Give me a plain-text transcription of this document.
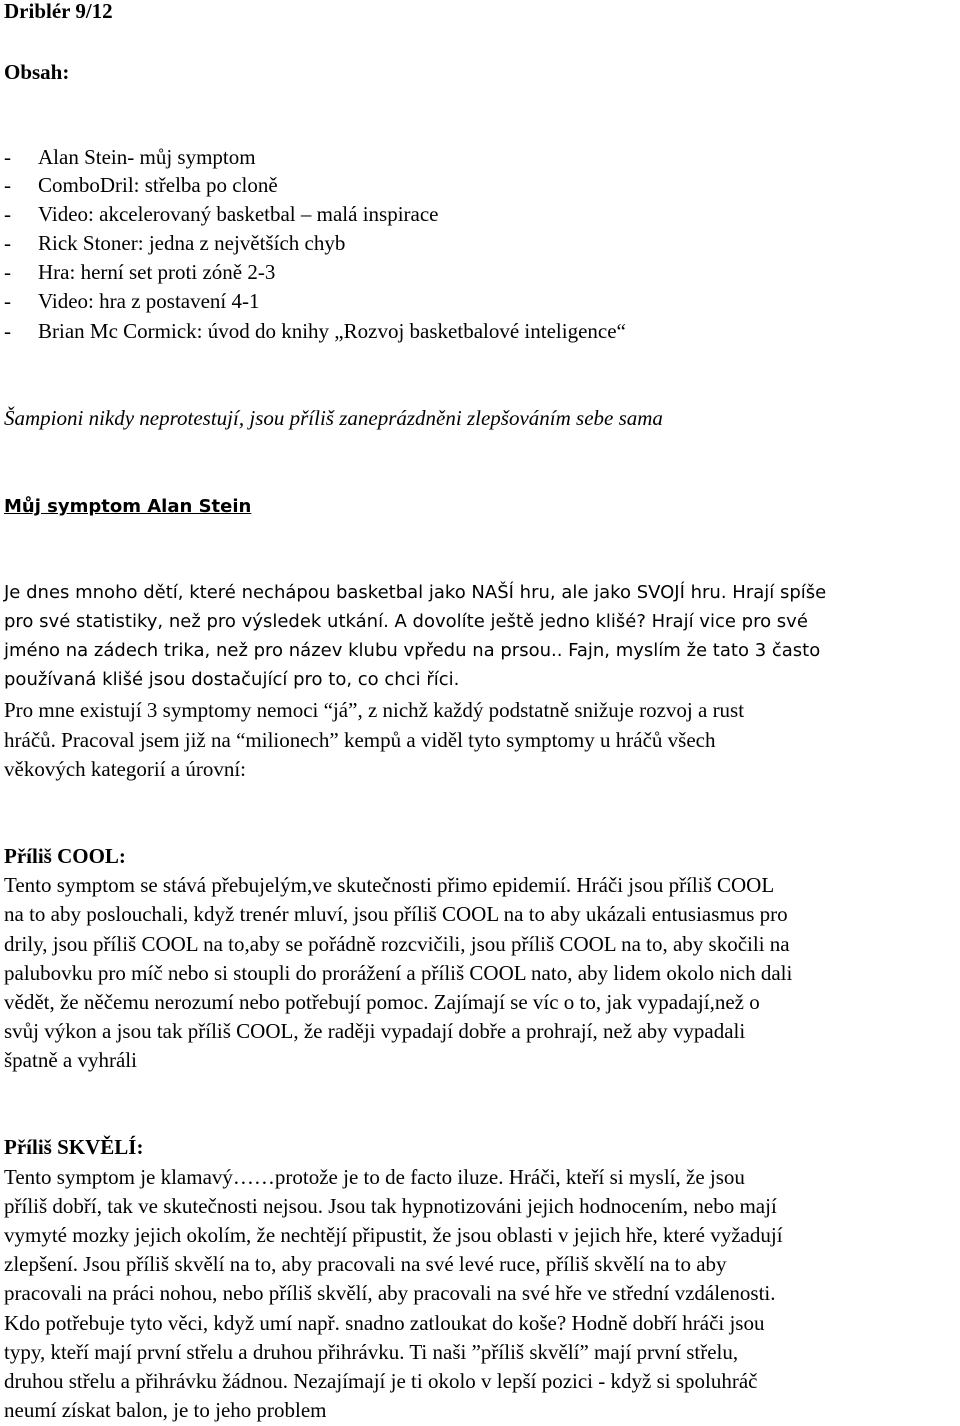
Driblér 9/12
Obsah:
- Alan Stein- můj symptom
- ComboDril: střelba po cloně
- Video: akcelerovaný basketbal – malá inspirace
- Rick Stoner: jedna z největších chyb
- Hra: herní set proti zóně 2-3
- Video: hra z postavení 4-1
- Brian Mc Cormick: úvod do knihy „Rozvoj basketbalové inteligence“
Šampioni nikdy neprotestují, jsou příliš zaneprázdněni zlepšováním sebe sama
Můj symptom Alan Stein
Je dnes mnoho dětí, které nechápou basketbal jako NAŠÍ hru, ale jako SVOJÍ hru. Hrají spíše
pro své statistiky, než pro výsledek utkání. A dovolíte ještě jedno klišé? Hrají vice pro své
jméno na zádech trika, než pro název klubu vpředu na prsou.. Fajn, myslím že tato 3 často
používaná klišé jsou dostačující pro to, co chci říci.
Pro mne existují 3 symptomy nemoci “já”, z nichž každý podstatně snižuje rozvoj a rust
hráčů. Pracoval jsem již na “milionech” kempů a viděl tyto symptomy u hráčů všech
věkových kategorií a úrovní:
Příliš COOL:
Tento symptom se stává přebujelým,ve skutečnosti přimo epidemií. Hráči jsou příliš COOL
na to aby poslouchali, když trenér mluví, jsou příliš COOL na to aby ukázali entusiasmus pro
drily, jsou příliš COOL na to,aby se pořádně rozcvičili, jsou příliš COOL na to, aby skočili na
palubovku pro míč nebo si stoupli do prorážení a příliš COOL nato, aby lidem okolo nich dali
vědět, že něčemu nerozumí nebo potřebují pomoc. Zajímají se víc o to, jak vypadají,než o
svůj výkon a jsou tak příliš COOL, že raději vypadají dobře a prohrají, než aby vypadali
špatně a vyhráli
Příliš SKVĚLÍ:
Tento symptom je klamavý……protože je to de facto iluze. Hráči, kteří si myslí, že jsou
příliš dobří, tak ve skutečnosti nejsou. Jsou tak hypnotizováni jejich hodnocením, nebo mají
vymyté mozky jejich okolím, že nechtějí připustit, že jsou oblasti v jejich hře, které vyžadují
zlepšení. Jsou příliš skvělí na to, aby pracovali na své levé ruce, příliš skvělí na to aby
pracovali na práci nohou, nebo příliš skvělí, aby pracovali na své hře ve střední vzdálenosti.
Kdo potřebuje tyto věci, když umí např. snadno zatloukat do koše? Hodně dobří hráči jsou
typy, kteří mají první střelu a druhou přihrávku. Ti naši ”příliš skvělí” mají první střelu,
druhou střelu a přihrávku žádnou. Nezajímají je ti okolo v lepší pozici - když si spoluhráč
neumí získat balon, je to jeho problem
